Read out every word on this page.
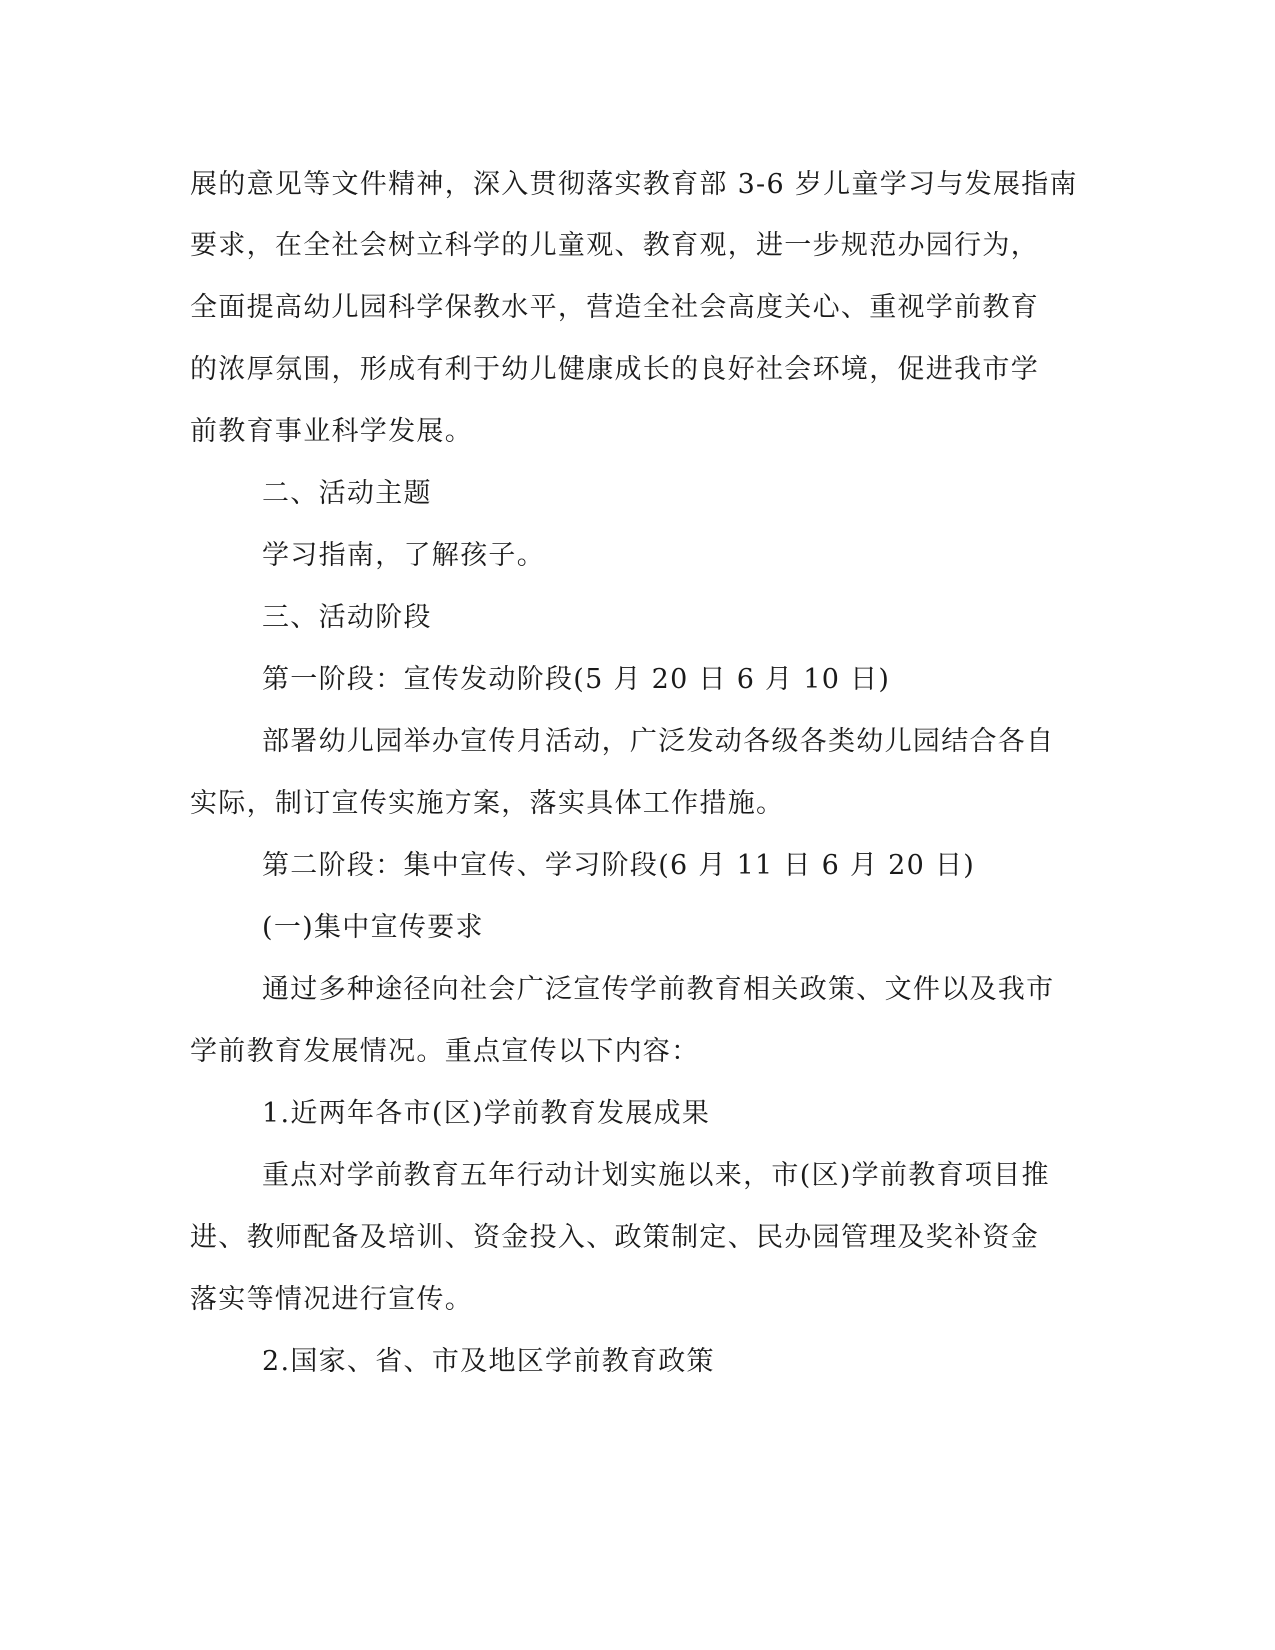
展的意见等文件精神，深入贯彻落实教育部 3-6 岁儿童学习与发展指南
要求，在全社会树立科学的儿童观、教育观，进一步规范办园行为，
全面提高幼儿园科学保教水平，营造全社会高度关心、重视学前教育
的浓厚氛围，形成有利于幼儿健康成长的良好社会环境，促进我市学
前教育事业科学发展。
二、活动主题
学习指南，了解孩子。
三、活动阶段
第一阶段：宣传发动阶段(5 月 20 日 6 月 10 日)
部署幼儿园举办宣传月活动，广泛发动各级各类幼儿园结合各自
实际，制订宣传实施方案，落实具体工作措施。
第二阶段：集中宣传、学习阶段(6 月 11 日 6 月 20 日)
(一)集中宣传要求
通过多种途径向社会广泛宣传学前教育相关政策、文件以及我市
学前教育发展情况。重点宣传以下内容：
1.近两年各市(区)学前教育发展成果
重点对学前教育五年行动计划实施以来，市(区)学前教育项目推
进、教师配备及培训、资金投入、政策制定、民办园管理及奖补资金
落实等情况进行宣传。
2.国家、省、市及地区学前教育政策
